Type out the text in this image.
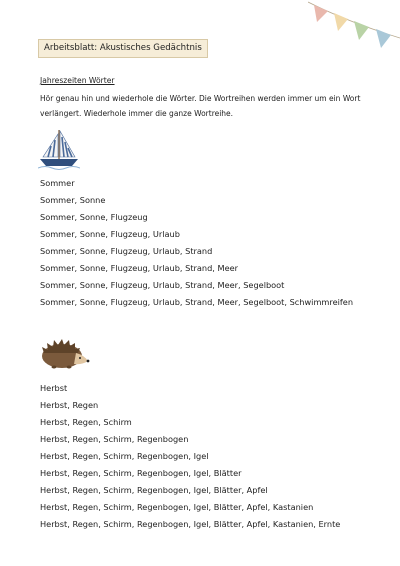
Arbeitsblatt: Akustisches Gedächtnis
Jahreszeiten Wörter
Hör genau hin und wiederhole die Wörter. Die Wortreihen werden immer um ein Wort verlängert. Wiederhole immer die ganze Wortreihe.
Sommer
Sommer, Sonne
Sommer, Sonne, Flugzeug
Sommer, Sonne, Flugzeug, Urlaub
Sommer, Sonne, Flugzeug, Urlaub, Strand
Sommer, Sonne, Flugzeug, Urlaub, Strand, Meer
Sommer, Sonne, Flugzeug, Urlaub, Strand, Meer, Segelboot
Sommer, Sonne, Flugzeug, Urlaub, Strand, Meer, Segelboot, Schwimmreifen
Herbst
Herbst, Regen
Herbst, Regen, Schirm
Herbst, Regen, Schirm, Regenbogen
Herbst, Regen, Schirm, Regenbogen, Igel
Herbst, Regen, Schirm, Regenbogen, Igel, Blätter
Herbst, Regen, Schirm, Regenbogen, Igel, Blätter, Apfel
Herbst, Regen, Schirm, Regenbogen, Igel, Blätter, Apfel, Kastanien
Herbst, Regen, Schirm, Regenbogen, Igel, Blätter, Apfel, Kastanien, Ernte
